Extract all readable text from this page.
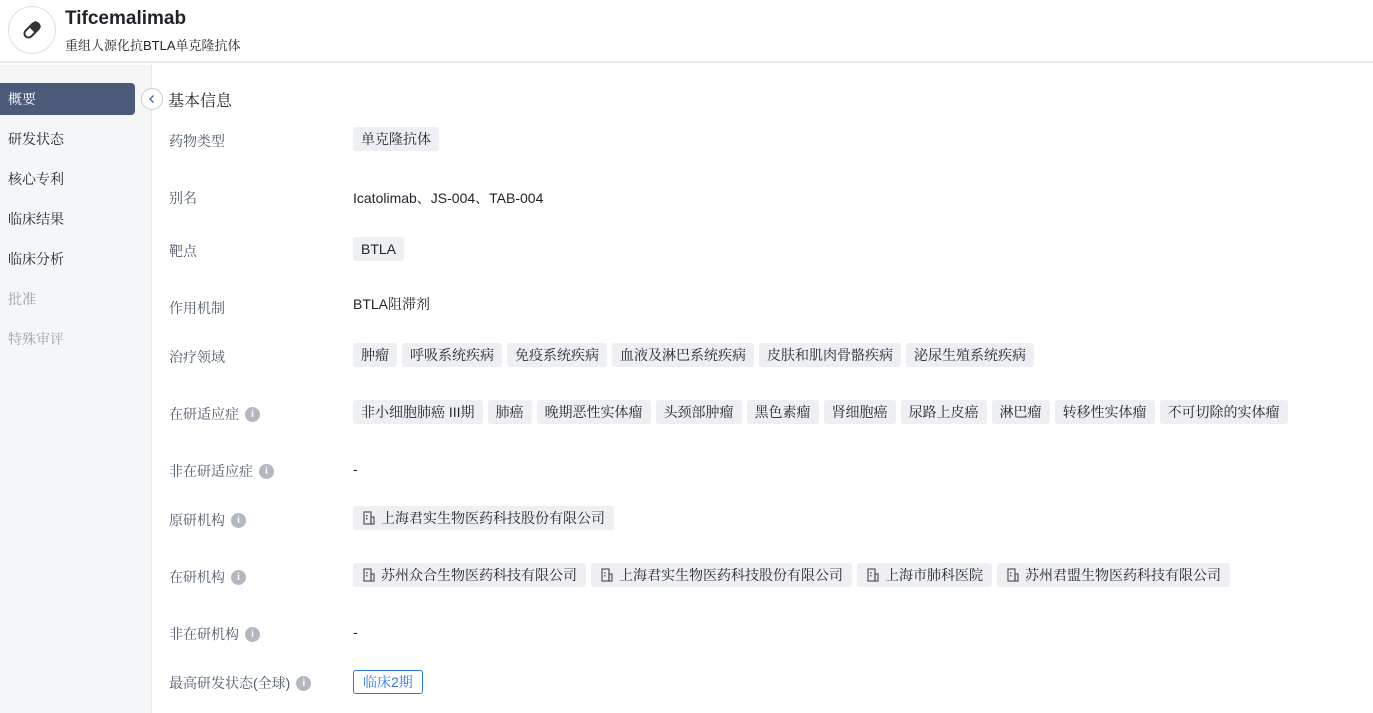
Tifcemalimab
重组人源化抗BTLA单克隆抗体
概要
研发状态
核心专利
临床结果
临床分析
批准
特殊审评
基本信息
药物类型	单克隆抗体
别名	Icatolimab、JS-004、TAB-004
靶点	BTLA
作用机制	BTLA阻滞剂
治疗领域	肿瘤	呼吸系统疾病	免疫系统疾病	血液及淋巴系统疾病	皮肤和肌肉骨骼疾病	泌尿生殖系统疾病
在研适应症	i	非小细胞肺癌 III期	肺癌	晚期恶性实体瘤	头颈部肿瘤	黑色素瘤	肾细胞癌	尿路上皮癌	淋巴瘤	转移性实体瘤	不可切除的实体瘤
非在研适应症	i	-
原研机构	i	上海君实生物医药科技股份有限公司
在研机构	i	苏州众合生物医药科技有限公司	上海君实生物医药科技股份有限公司	上海市肺科医院	苏州君盟生物医药科技有限公司
非在研机构	i	-
最高研发状态(全球)	i	临床2期
